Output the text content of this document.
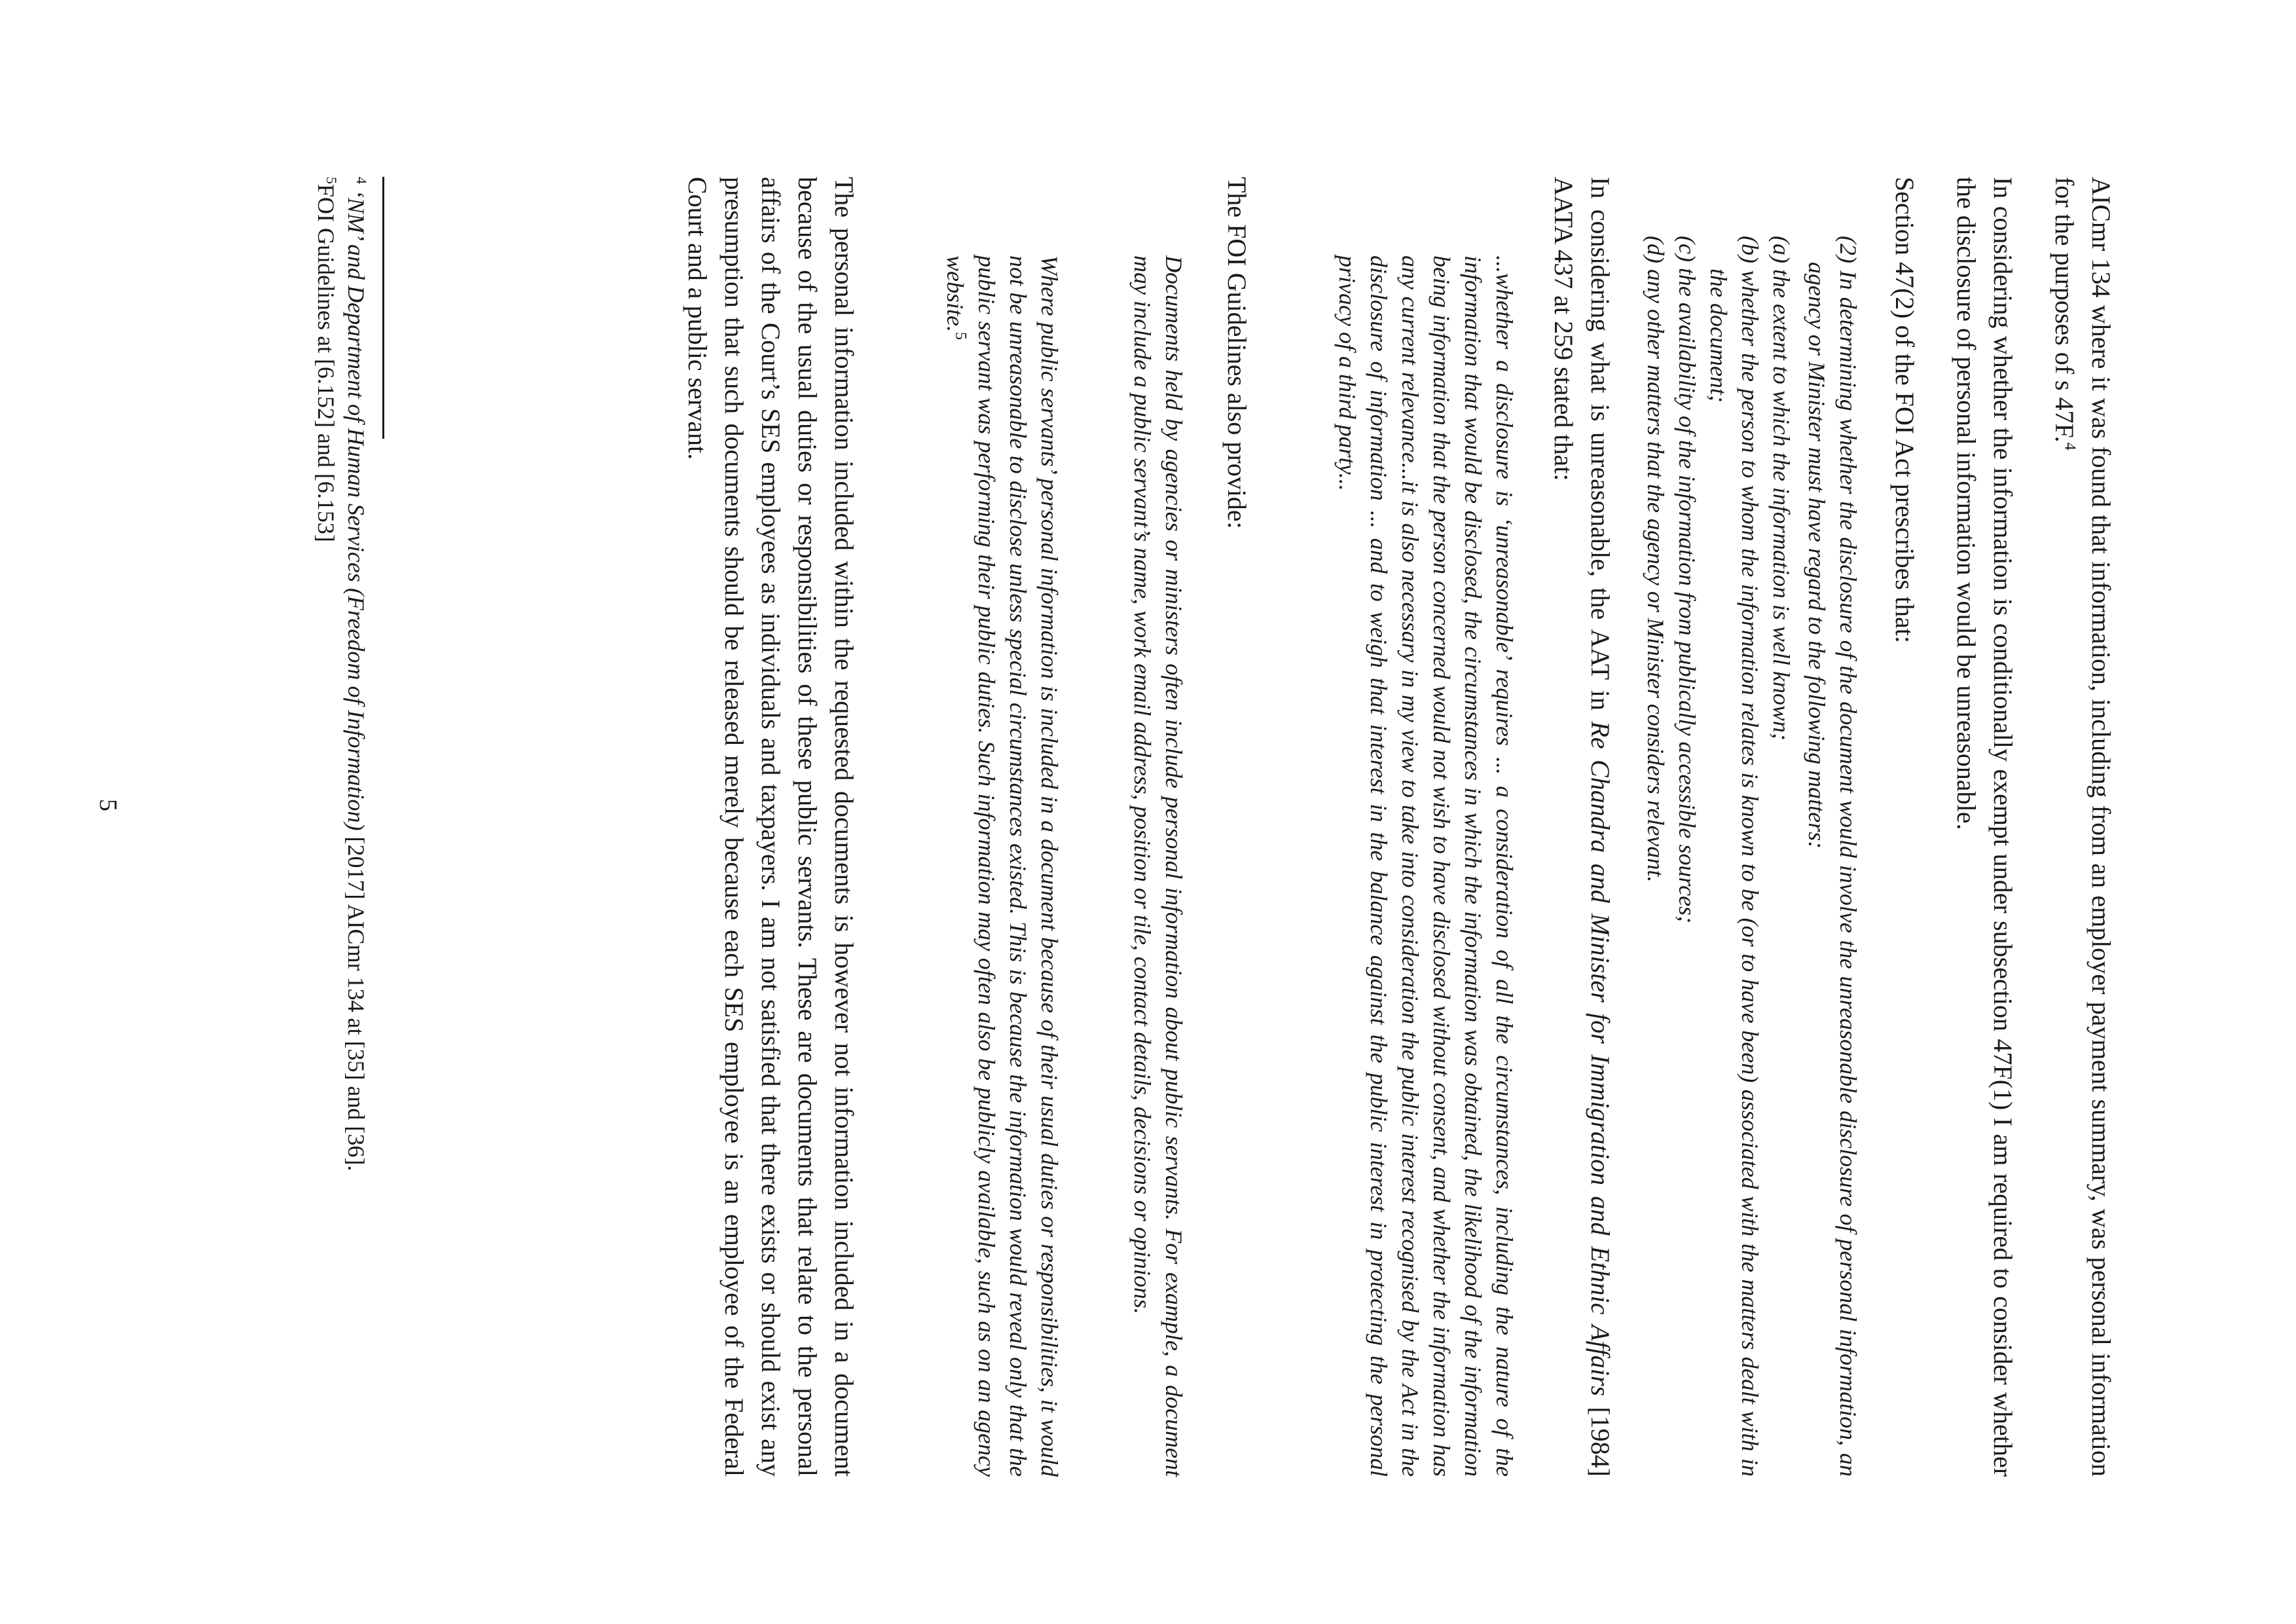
AICmr 134 where it was found that information, including from an employer payment summary, was personal information for the purposes of s 47F.$^4$

In considering whether the information is conditionally exempt under subsection 47F(1) I am required to consider whether the disclosure of personal information would be unreasonable.

Section 47(2) of the FOI Act prescribes that:

(2) In determining whether the disclosure of the document would involve the unreasonable disclosure of personal information, an agency or Minister must have regard to the following matters:

(a) the extent to which the information is well known;

(b) whether the person to whom the information relates is known to be (or to have been) associated with the matters dealt with in the document;

(c) the availability of the information from publically accessible sources;

(d) any other matters that the agency or Minister considers relevant.

In considering what is unreasonable, the AAT in Re Chandra and Minister for Immigration and Ethnic Affairs [1984] AATA 437 at 259 stated that:

...whether a disclosure is ‘unreasonable’ requires ... a consideration of all the circumstances, including the nature of the information that would be disclosed, the circumstances in which the information was obtained, the likelihood of the information being information that the person concerned would not wish to have disclosed without consent, and whether the information has any current relevance...it is also necessary in my view to take into consideration the public interest recognised by the Act in the disclosure of information ... and to weigh that interest in the balance against the public interest in protecting the personal privacy of a third party...

The FOI Guidelines also provide:

Documents held by agencies or ministers often include personal information about public servants. For example, a document may include a public servant’s name, work email address, position or tile, contact details, decisions or opinions.

Where public servants’ personal information is included in a document because of their usual duties or responsibilities, it would not be unreasonable to disclose unless special circumstances existed. This is because the information would reveal only that the public servant was performing their public duties. Such information may often also be publicly available, such as on an agency website.$^5$

The personal information included within the requested documents is however not information included in a document because of the usual duties or responsibilities of these public servants. These are documents that relate to the personal affairs of the Court’s SES employees as individuals and taxpayers. I am not satisfied that there exists or should exist any presumption that such documents should be released merely because each SES employee is an employee of the Federal Court and a public servant.

$^4$ ‘NM’ and Department of Human Services (Freedom of Information) [2017] AICmr 134 at [35] and [36].

$^5$FOI Guidelines at [6.152] and [6.153]

5
